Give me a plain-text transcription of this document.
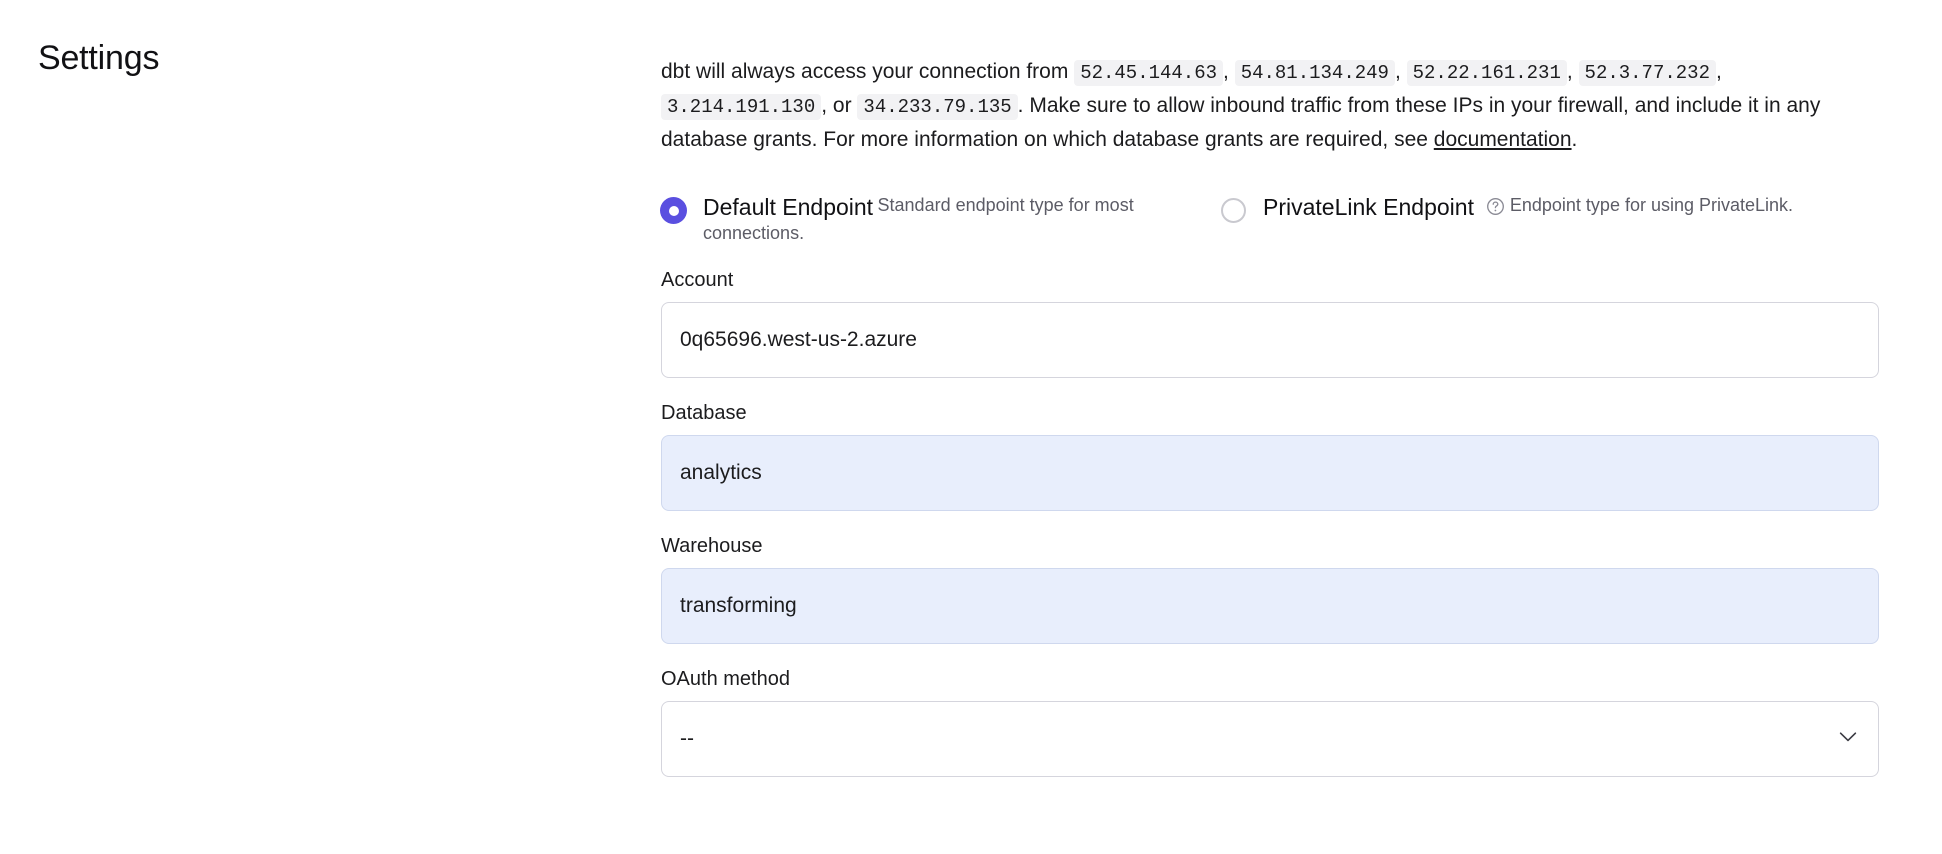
Settings	dbt will always access your connection from 52.45.144.63 , 54.81.134.249 , 52.22.161.231 , 52.3.77.232 , 3.214.191.130 , or 34.233.79.135 . Make sure to allow inbound traffic from these IPs in your firewall, and include it in any database grants. For more information on which database grants are required, see documentation.

Default Endpoint Standard endpoint type for most connections.
PrivateLink Endpoint Endpoint type for using PrivateLink.
Account
0q65696.west-us-2.azure
Database
analytics
Warehouse
transforming
OAuth method
--
